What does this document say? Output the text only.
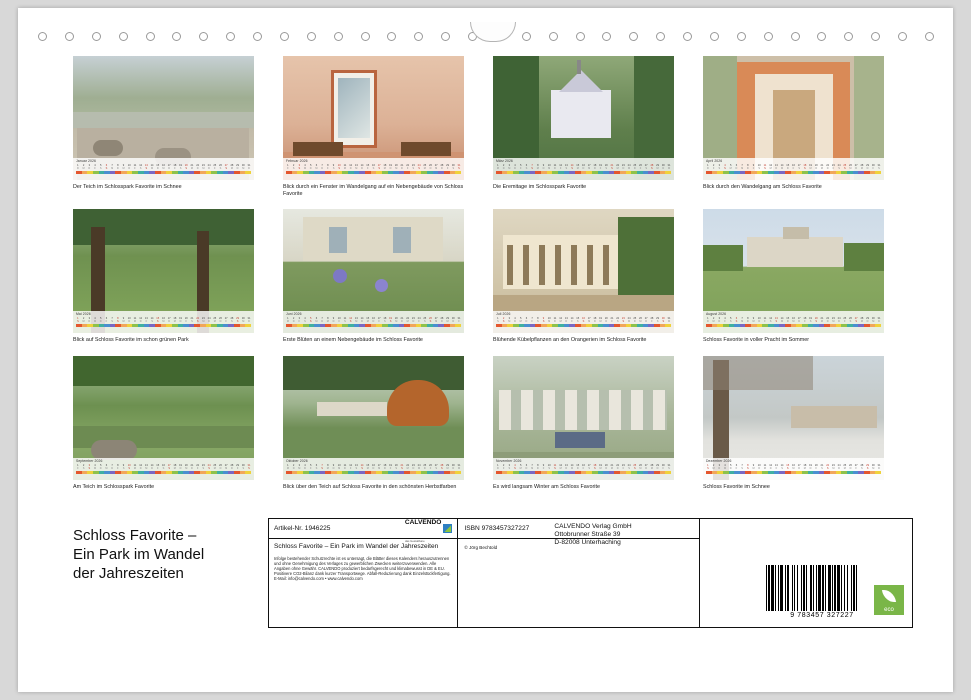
Januar 2026
1
D
2
M
3
D
4
F
5
S
6
S
7
M
8
D
9
M
10
D
11
F
12
S
13
S
14
M
15
D
16
M
17
D
18
F
19
S
20
S
21
M
22
D
23
M
24
D
25
F
26
S
27
S
28
M
29
D
30
M
31
D
Der Teich im Schlosspark Favorite im Schnee
Februar 2026
1
F
2
S
3
S
4
M
5
D
6
M
7
D
8
F
9
S
10
S
11
M
12
D
13
M
14
D
15
F
16
S
17
S
18
M
19
D
20
M
21
D
22
F
23
S
24
S
25
M
26
D
27
M
28
D
29
F
30
S
31
S
Blick durch ein Fenster im Wandelgang auf ein Nebengebäude von Schloss Favorite
März 2026
1
M
2
D
3
M
4
D
5
F
6
S
7
S
8
M
9
D
10
M
11
D
12
F
13
S
14
S
15
M
16
D
17
M
18
D
19
F
20
S
21
S
22
M
23
D
24
M
25
D
26
F
27
S
28
S
29
M
30
D
31
M
Die Eremitage im Schlosspark Favorite
April 2026
1
D
2
F
3
S
4
S
5
M
6
D
7
M
8
D
9
F
10
S
11
S
12
M
13
D
14
M
15
D
16
F
17
S
18
S
19
M
20
D
21
M
22
D
23
F
24
S
25
S
26
M
27
D
28
M
29
D
30
F
31
S
Blick durch den Wandelgang am Schloss Favorite
Mai 2026
1
S
2
M
3
D
4
M
5
D
6
F
7
S
8
S
9
M
10
D
11
M
12
D
13
F
14
S
15
S
16
M
17
D
18
M
19
D
20
F
21
S
22
S
23
M
24
D
25
M
26
D
27
F
28
S
29
S
30
M
31
D
Blick auf Schloss Favorite im schon grünen Park
Juni 2026
1
M
2
D
3
F
4
S
5
S
6
M
7
D
8
M
9
D
10
F
11
S
12
S
13
M
14
D
15
M
16
D
17
F
18
S
19
S
20
M
21
D
22
M
23
D
24
F
25
S
26
S
27
M
28
D
29
M
30
D
31
F
Erste Blüten an einem Nebengebäude im Schloss Favorite
Juli 2026
1
S
2
S
3
M
4
D
5
M
6
D
7
F
8
S
9
S
10
M
11
D
12
M
13
D
14
F
15
S
16
S
17
M
18
D
19
M
20
D
21
F
22
S
23
S
24
M
25
D
26
M
27
D
28
F
29
S
30
S
31
M
Blühende Kübelpflanzen an den Orangerien im Schloss Favorite
August 2026
1
D
2
M
3
D
4
F
5
S
6
S
7
M
8
D
9
M
10
D
11
F
12
S
13
S
14
M
15
D
16
M
17
D
18
F
19
S
20
S
21
M
22
D
23
M
24
D
25
F
26
S
27
S
28
M
29
D
30
M
31
D
Schloss Favorite in voller Pracht im Sommer
September 2026
1
F
2
S
3
S
4
M
5
D
6
M
7
D
8
F
9
S
10
S
11
M
12
D
13
M
14
D
15
F
16
S
17
S
18
M
19
D
20
M
21
D
22
F
23
S
24
S
25
M
26
D
27
M
28
D
29
F
30
S
31
S
Am Teich im Schlosspark Favorite
Oktober 2026
1
M
2
D
3
M
4
D
5
F
6
S
7
S
8
M
9
D
10
M
11
D
12
F
13
S
14
S
15
M
16
D
17
M
18
D
19
F
20
S
21
S
22
M
23
D
24
M
25
D
26
F
27
S
28
S
29
M
30
D
31
M
Blick über den Teich auf Schloss Favorite in den schönsten Herbstfarben
November 2026
1
D
2
F
3
S
4
S
5
M
6
D
7
M
8
D
9
F
10
S
11
S
12
M
13
D
14
M
15
D
16
F
17
S
18
S
19
M
20
D
21
M
22
D
23
F
24
S
25
S
26
M
27
D
28
M
29
D
30
F
31
S
Es wird langsam Winter am Schloss Favorite
Dezember 2026
1
S
2
M
3
D
4
M
5
D
6
F
7
S
8
S
9
M
10
D
11
M
12
D
13
F
14
S
15
S
16
M
17
D
18
M
19
D
20
F
21
S
22
S
23
M
24
D
25
M
26
D
27
F
28
S
29
S
30
M
31
D
Schloss Favorite im Schnee
Schloss Favorite –
Ein Park im Wandel
der Jahreszeiten
Artikel-Nr. 1946225
CALVENDO
das Gestaltbare
Schloss Favorite – Ein Park im Wandel der Jahreszeiten
Infolge bestehender Schutzrechte ist es untersagt, die Blätter dieses Kalenders herauszutrennen und ohne Genehmigung des Verlages zu gewerblichen Zwecken weiterzuverwenden. Alle Angaben ohne Gewähr. CALVENDO produziert bedarfsgerecht und klimabewusst in DE & EU. Positivere CO2-Bilanz dank kurzer Transportwege. Abfall-Reduzierung dank Einzelstückfertigung. E-Mail: info@calvendo.com • www.calvendo.com
ISBN 9783457327227	CALVENDO Verlag GmbH
Ottobrunner Straße 39
D-82008 Unterhaching
© Jörg Bechtold
9 783457 327227
eco
